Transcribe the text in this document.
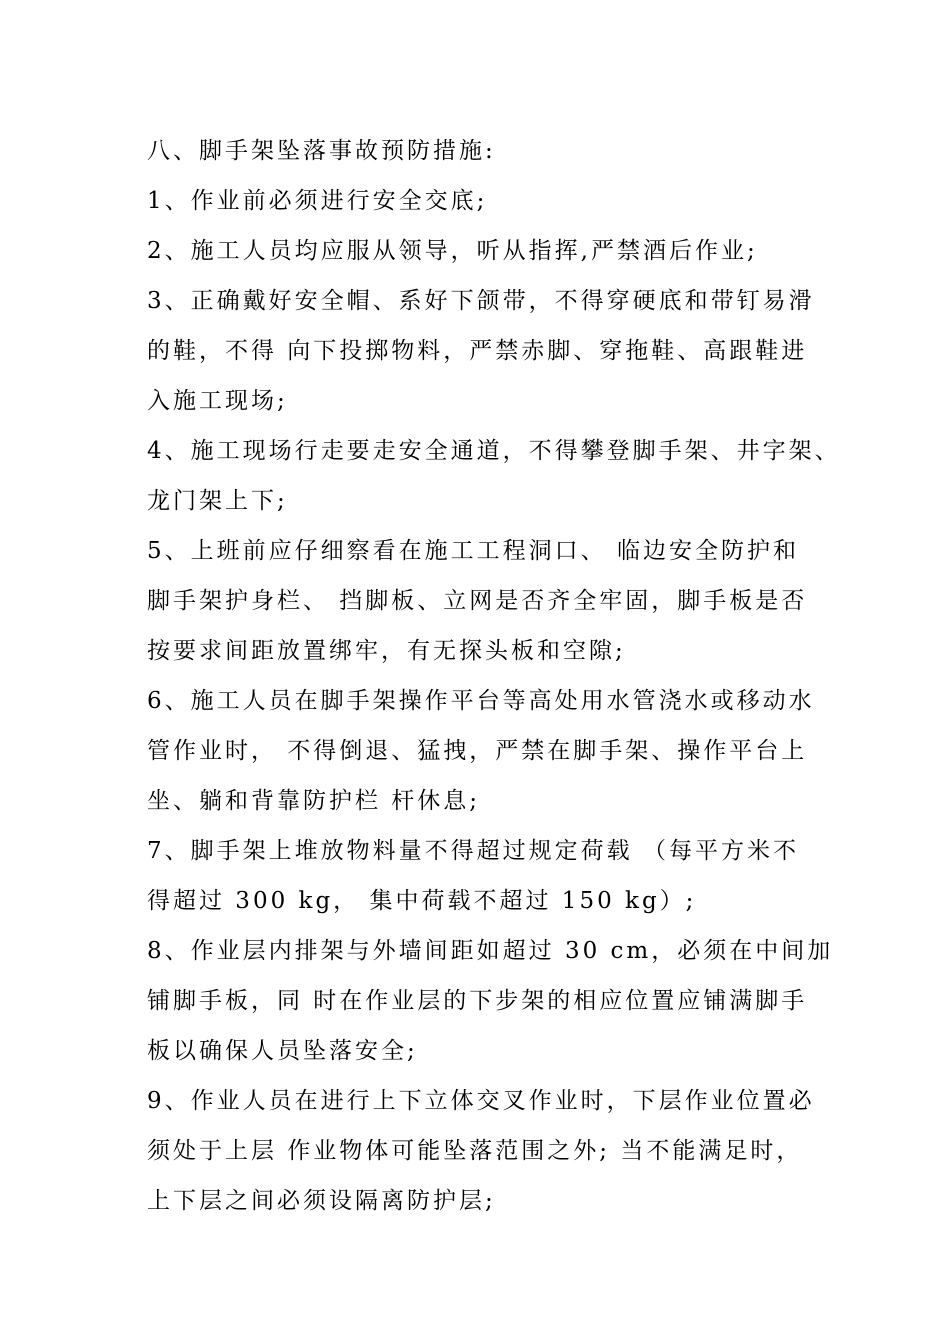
八、脚手架坠落事故预防措施:
1、作业前必须进行安全交底;
2、施工人员均应服从领导，听从指挥,严禁酒后作业;
3、正确戴好安全帽、系好下颌带，不得穿硬底和带钉易滑
的鞋，不得 向下投掷物料，严禁赤脚、穿拖鞋、高跟鞋进
入施工现场;
4、施工现场行走要走安全通道，不得攀登脚手架、井字架、
龙门架上下;
5、上班前应仔细察看在施工工程洞口、 临边安全防护和
脚手架护身栏、 挡脚板、立网是否齐全牢固，脚手板是否
按要求间距放置绑牢，有无探头板和空隙;
6、施工人员在脚手架操作平台等高处用水管浇水或移动水
管作业时， 不得倒退、猛拽，严禁在脚手架、操作平台上
坐、躺和背靠防护栏 杆休息;
7、脚手架上堆放物料量不得超过规定荷载 （每平方米不
得超过 300 kg， 集中荷载不超过 150 kg）;
8、作业层内排架与外墙间距如超过 30 cm，必须在中间加
铺脚手板，同 时在作业层的下步架的相应位置应铺满脚手
板以确保人员坠落安全;
9、作业人员在进行上下立体交叉作业时，下层作业位置必
须处于上层 作业物体可能坠落范围之外; 当不能满足时，
上下层之间必须设隔离防护层;
